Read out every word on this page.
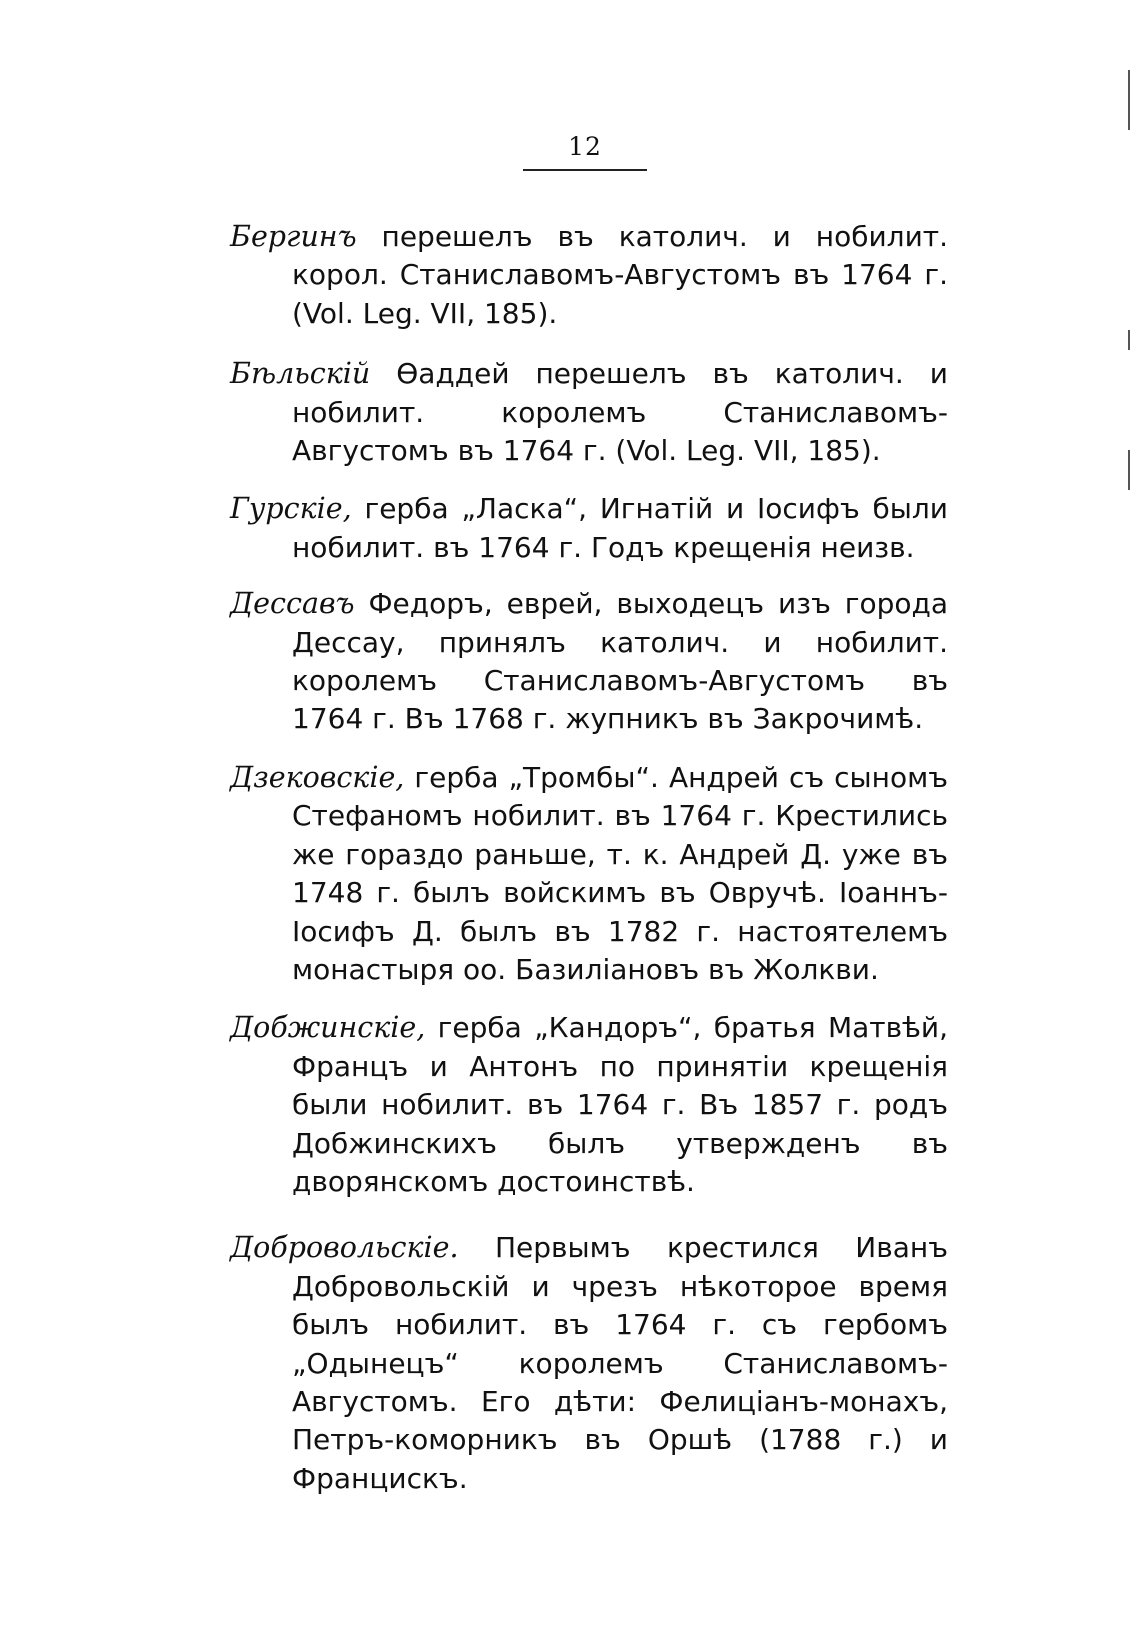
12

Бергинъ перешелъ въ католич. и нобилит. корол. Станиславомъ-Августомъ въ 1764 г. (Vol. Leg. VII, 185).

Бѣльскій Ѳаддей перешелъ въ католич. и нобилит. королемъ Станиславомъ-Августомъ въ 1764 г. (Vol. Leg. VII, 185).

Гурскіе, герба „Ласка“, Игнатій и Іосифъ были нобилит. въ 1764 г. Годъ крещенія неизв.

Дессавъ Федоръ, еврей, выходецъ изъ города Дессау, принялъ католич. и нобилит. королемъ Станиславомъ-Августомъ въ 1764 г. Въ 1768 г. жупникъ въ Закрочимѣ.

Дзековскіе, герба „Тромбы“. Андрей съ сыномъ Стефаномъ нобилит. въ 1764 г. Крестились же гораздо раньше, т. к. Андрей Д. уже въ 1748 г. былъ войскимъ въ Овручѣ. Іоаннъ-Іосифъ Д. былъ въ 1782 г. настоятелемъ монастыря оо. Базиліановъ въ Жолкви.

Добжинскіе, герба „Кандоръ“, братья Матвѣй, Францъ и Антонъ по принятіи крещенія были нобилит. въ 1764 г. Въ 1857 г. родъ Добжинскихъ былъ утвержденъ въ дворянскомъ достоинствѣ.

Добровольскіе. Первымъ крестился Иванъ Добровольскій и чрезъ нѣкоторое время былъ нобилит. въ 1764 г. съ гербомъ „Одынецъ“ королемъ Станиславомъ-Августомъ. Его дѣти: Фелиціанъ-монахъ, Петръ-коморникъ въ Оршѣ (1788 г.) и Францискъ.
